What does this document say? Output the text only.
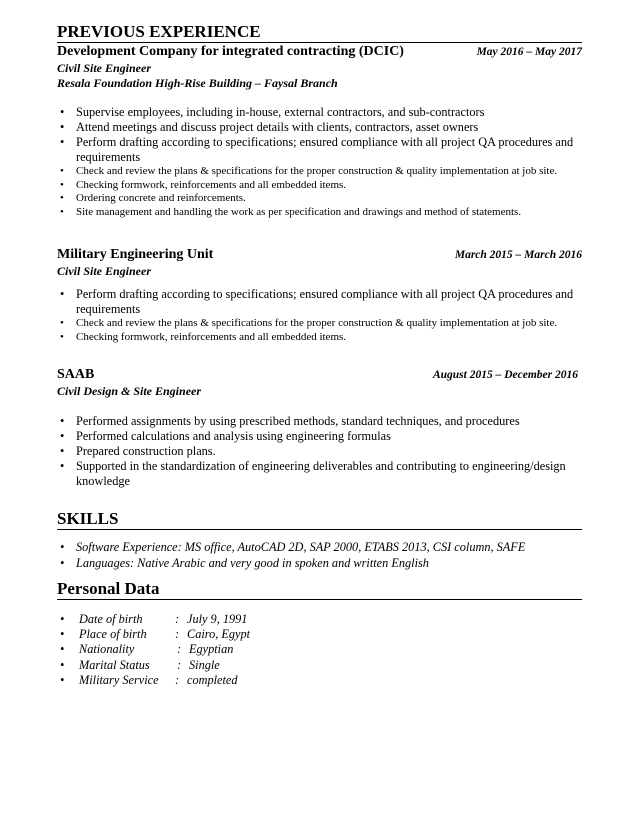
PREVIOUS EXPERIENCE
Development Company for integrated contracting (DCIC)	May 2016 – May 2017
Civil Site Engineer
Resala Foundation High-Rise Building – Faysal Branch
• Supervise employees, including in-house, external contractors, and sub-contractors
• Attend meetings and discuss project details with clients, contractors, asset owners
• Perform drafting according to specifications; ensured compliance with all project QA procedures and requirements
• Check and review the plans & specifications for the proper construction & quality implementation at job site.
• Checking formwork, reinforcements and all embedded items.
• Ordering concrete and reinforcements.
• Site management and handling the work as per specification and drawings and method of statements.
Military Engineering Unit	March 2015 – March 2016
Civil Site Engineer
• Perform drafting according to specifications; ensured compliance with all project QA procedures and requirements
• Check and review the plans & specifications for the proper construction & quality implementation at job site.
• Checking formwork, reinforcements and all embedded items.
SAAB	August 2015 – December 2016
Civil Design & Site Engineer
• Performed assignments by using prescribed methods, standard techniques, and procedures
• Performed calculations and analysis using engineering formulas
• Prepared construction plans.
• Supported in the standardization of engineering deliverables and contributing to engineering/design knowledge
SKILLS
• Software Experience: MS office, AutoCAD 2D, SAP 2000, ETABS 2013, CSI column, SAFE
• Languages: Native Arabic and very good in spoken and written English
Personal Data
• Date of birth	: July 9, 1991
• Place of birth : Cairo, Egypt
• Nationality	: Egyptian
• Marital Status : Single
• Military Service : completed
